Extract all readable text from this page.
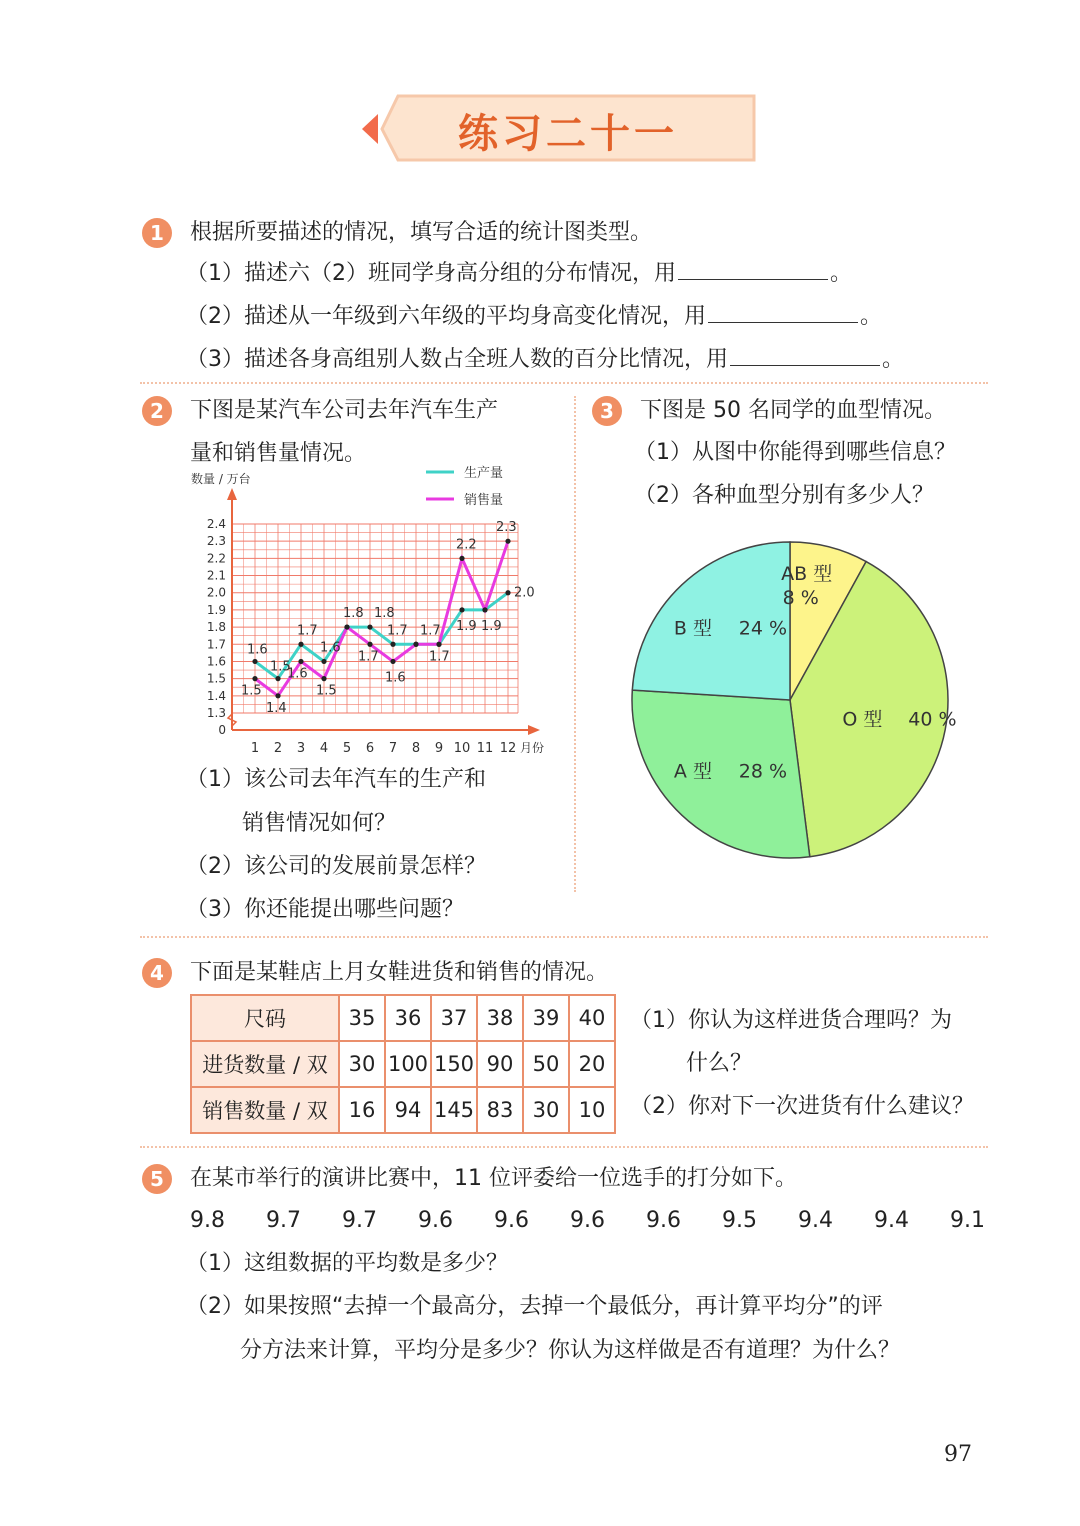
练习二十一
1	根据所要描述的情况，填写合适的统计图类型。
（1）描述六（2）班同学身高分组的分布情况，用	。
（2）描述从一年级到六年级的平均身高变化情况，用	。
（3）描述各身高组别人数占全班人数的百分比情况，用	。
2	下图是某汽车公司去年汽车生产
量和销售量情况。
数量 / 万台
月份
0
1.3
1.4
1.5
1.6
1.7
1.8
1.9
2.0
2.1
2.2
2.3
2.4
1 2 3 4 5 6 7 8 9 10 11 12
1.6
1.5
1.7
1.6
1.8 1.8
1.7 1.7 1.9 1.9
2.0
1.5
1.4
1.6
1.5
1.7
1.6
1.7
2.2
2.3
生产量
销售量
（1）该公司去年汽车的生产和
销售情况如何？
（2）该公司的发展前景怎样？
（3）你还能提出哪些问题？
3	下图是 50 名同学的血型情况。
（1）从图中你能得到哪些信息？
（2）各种血型分别有多少人？
AB 型
8 %
O 型 40 %
A 型 28 %
B 型 24 %
4	下面是某鞋店上月女鞋进货和销售的情况。
尺码	35	36	37	38	39	40
进货数量 / 双	30	100	150	90	50	20
销售数量 / 双	16	94	145	83	30	10
（1）你认为这样进货合理吗？为
什么？
（2）你对下一次进货有什么建议？
5	在某市举行的演讲比赛中，11 位评委给一位选手的打分如下。
9.8 9.7 9.7 9.6 9.6 9.6 9.6 9.5 9.4 9.4 9.1
（1）这组数据的平均数是多少？
（2）如果按照“去掉一个最高分，去掉一个最低分，再计算平均分”的评
分方法来计算，平均分是多少？你认为这样做是否有道理？为什么？
97
